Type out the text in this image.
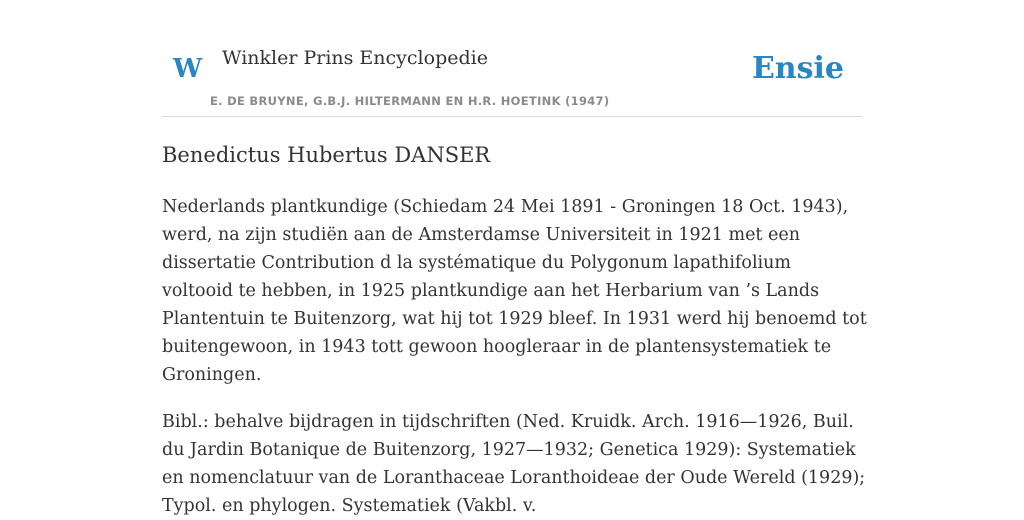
W Winkler Prins Encyclopedie
E. DE BRUYNE, G.B.J. HILTERMANN EN H.R. HOETINK (1947)
Ensie
Benedictus Hubertus DANSER

Nederlands plantkundige (Schiedam 24 Mei 1891 - Groningen 18 Oct. 1943), werd, na zijn studiën aan de Amsterdamse Universiteit in 1921 met een dissertatie Contribution d la systématique du Polygonum lapathifolium voltooid te hebben, in 1925 plantkundige aan het Herbarium van ’s Lands Plantentuin te Buitenzorg, wat hij tot 1929 bleef. In 1931 werd hij benoemd tot buitengewoon, in 1943 tott gewoon hoogleraar in de plantensystematiek te Groningen.

Bibl.: behalve bijdragen in tijdschriften (Ned. Kruidk. Arch. 1916—1926, Buil. du Jardin Botanique de Buitenzorg, 1927—1932; Genetica 1929): Systematiek en nomenclatuur van de Loranthaceae Loranthoideae der Oude Wereld (1929); Typol. en phylogen. Systematiek (Vakbl. v.
